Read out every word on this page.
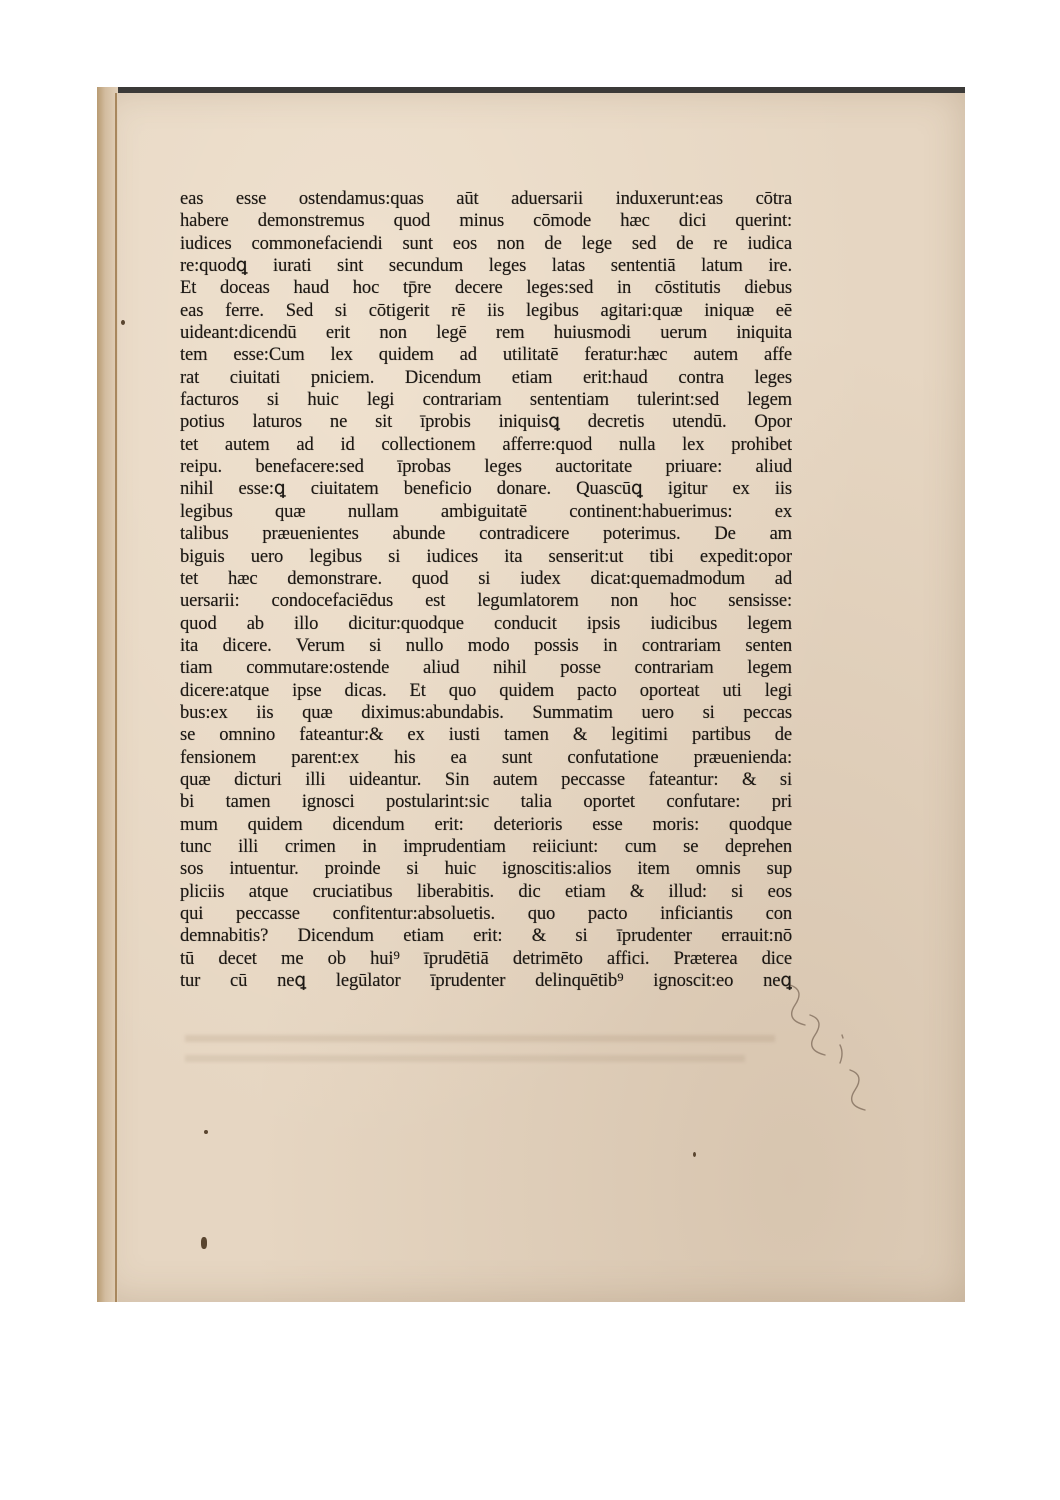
eas esse ostendamus:quas aūt aduersarii induxerunt:eas cōtra
habere demonstremus quod minus cōmode hæc dici querint:
iudices commonefaciendi sunt eos non de lege sed de re iudica
re:quodꝗ iurati sint secundum leges latas sententiā latum ire.
Et doceas haud hoc tp̄re decere leges:sed in cōstitutis diebus
eas ferre. Sed si cōtigerit rē iis legibus agitari:quæ iniquæ eē
uideant:dicendū erit non legē rem huiusmodi uerum iniquita
tem esse:Cum lex quidem ad utilitatē feratur:hæc autem affe
rat ciuitati pniciem. Dicendum etiam erit:haud contra leges
facturos si huic legi contrariam sententiam tulerint:sed legem
potius laturos ne sit īprobis iniquisꝗ decretis utendū. Opor
tet autem ad id collectionem afferre:quod nulla lex prohibet
reipu. benefacere:sed īprobas leges auctoritate priuare: aliud
nihil esse:ꝗ ciuitatem beneficio donare. Quascūꝗ igitur ex iis
legibus quæ nullam ambiguitatē continent:habuerimus: ex
talibus præuenientes abunde contradicere poterimus. De am
biguis uero legibus si iudices ita senserit:ut tibi expedit:opor
tet hæc demonstrare. quod si iudex dicat:quemadmodum ad
uersarii: condocefaciēdus est legumlatorem non hoc sensisse:
quod ab illo dicitur:quodque conducit ipsis iudicibus legem
ita dicere. Verum si nullo modo possis in contrariam senten
tiam commutare:ostende aliud nihil posse contrariam legem
dicere:atque ipse dicas. Et quo quidem pacto oporteat uti legi
bus:ex iis quæ diximus:abundabis. Summatim uero si peccas
se omnino fateantur:& ex iusti tamen & legitimi partibus de
fensionem parent:ex his ea sunt confutatione præuenienda:
quæ dicturi illi uideantur. Sin autem peccasse fateantur: & si
bi tamen ignosci postularint:sic talia oportet confutare: pri
mum quidem dicendum erit: deterioris esse moris: quodque
tunc illi crimen in imprudentiam reiiciunt: cum se deprehen
sos intuentur. proinde si huic ignoscitis:alios item omnis sup
pliciis atque cruciatibus liberabitis. dic etiam & illud: si eos
qui peccasse confitentur:absoluetis. quo pacto inficiantis con
demnabitis? Dicendum etiam erit: & si īprudenter errauit:nō
tū decet me ob hui⁹ īprudētiā detrimēto affici. Præterea dice
tur cū neꝗ legūlator īprudenter delinquētib⁹ ignoscit:eo neꝗ
